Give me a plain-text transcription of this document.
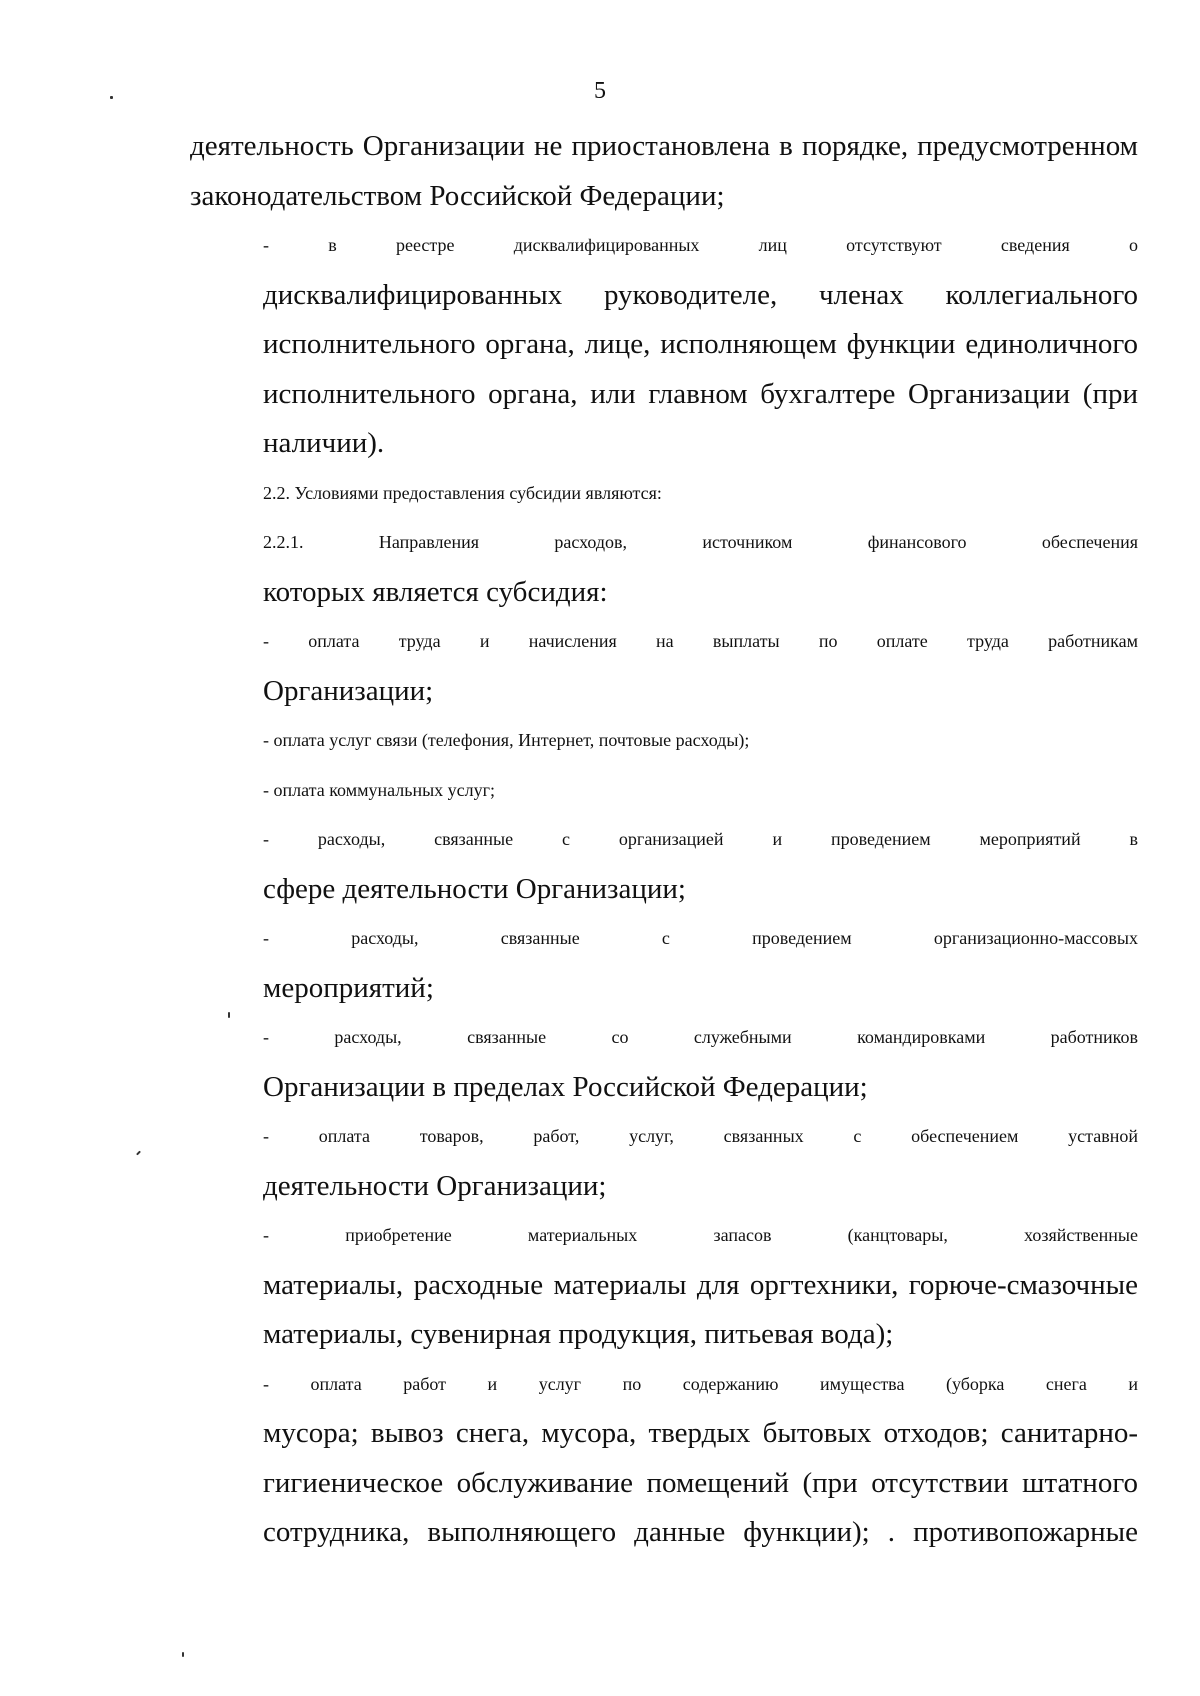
5

деятельность Организации не приостановлена в порядке, предусмотренном
законодательством Российской Федерации;

- в реестре дисквалифицированных лиц отсутствуют сведения о
дисквалифицированных руководителе, членах коллегиального
исполнительного органа, лице, исполняющем функции единоличного
исполнительного органа, или главном бухгалтере Организации (при
наличии).

2.2. Условиями предоставления субсидии являются:

2.2.1. Направления расходов, источником финансового обеспечения
которых является субсидия:

- оплата труда и начисления на выплаты по оплате труда работникам
Организации;

- оплата услуг связи (телефония, Интернет, почтовые расходы);

- оплата коммунальных услуг;

- расходы, связанные с организацией и проведением мероприятий в
сфере деятельности Организации;

- расходы, связанные с проведением организационно-массовых
мероприятий;

- расходы, связанные со служебными командировками работников
Организации в пределах Российской Федерации;

- оплата товаров, работ, услуг, связанных с обеспечением уставной
деятельности Организации;

- приобретение материальных запасов (канцтовары, хозяйственные
материалы, расходные материалы для оргтехники, горюче-смазочные
материалы, сувенирная продукция, питьевая вода);

- оплата работ и услуг по содержанию имущества (уборка снега и
мусора; вывоз снега, мусора, твердых бытовых отходов; санитарно-
гигиеническое обслуживание помещений (при отсутствии штатного
сотрудника, выполняющего данные функции); . противопожарные
